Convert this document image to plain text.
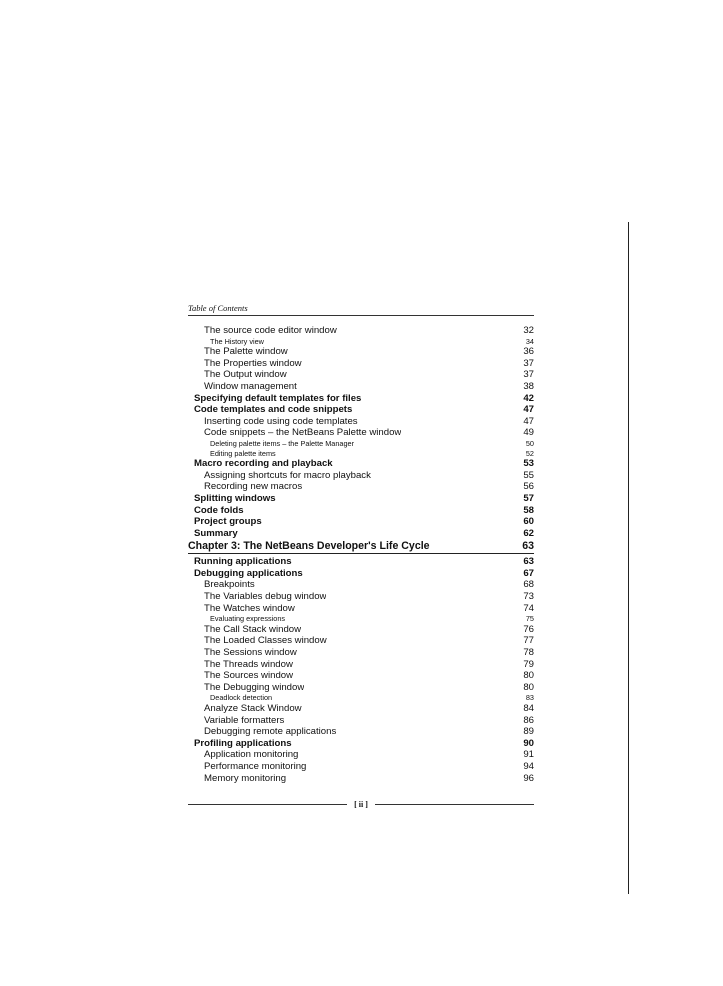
Table of Contents
The source code editor window	32
The History view	34
The Palette window	36
The Properties window	37
The Output window	37
Window management	38
Specifying default templates for files	42
Code templates and code snippets	47
Inserting code using code templates	47
Code snippets – the NetBeans Palette window	49
Deleting palette items – the Palette Manager	50
Editing palette items	52
Macro recording and playback	53
Assigning shortcuts for macro playback	55
Recording new macros	56
Splitting windows	57
Code folds	58
Project groups	60
Summary	62
Chapter 3: The NetBeans Developer's Life Cycle	63
Running applications	63
Debugging applications	67
Breakpoints	68
The Variables debug window	73
The Watches window	74
Evaluating expressions	75
The Call Stack window	76
The Loaded Classes window	77
The Sessions window	78
The Threads window	79
The Sources window	80
The Debugging window	80
Deadlock detection	83
Analyze Stack Window	84
Variable formatters	86
Debugging remote applications	89
Profiling applications	90
Application monitoring	91
Performance monitoring	94
Memory monitoring	96
[ ii ]
